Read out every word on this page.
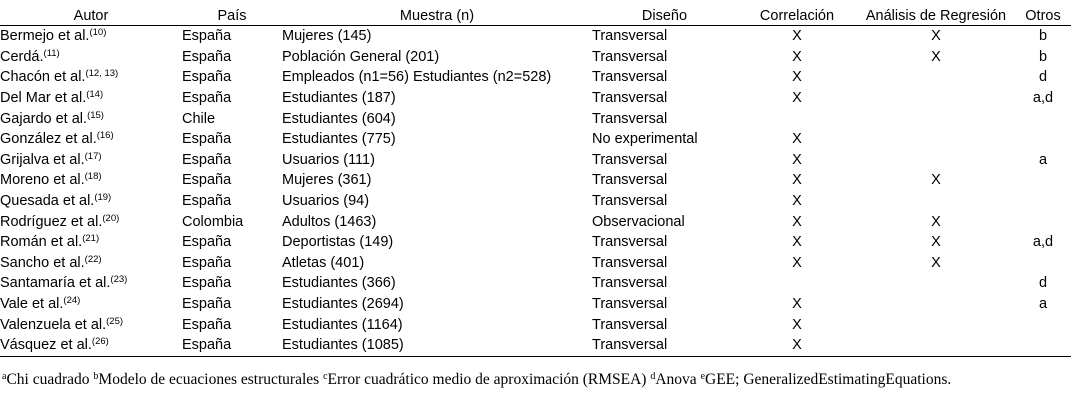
Autor	País	Muestra (n)	Diseño	Correlación	Análisis de Regresión	Otros
Bermejo et al.$^{(10)}$	España	Mujeres (145)	Transversal	X	X	b
Cerdá.$^{(11)}$	España	Población General (201)	Transversal	X	X	b
Chacón et al.$^{(12, 13)}$	España	Empleados (n1=56) Estudiantes (n2=528)	Transversal	X		d
Del Mar et al.$^{(14)}$	España	Estudiantes (187)	Transversal	X		a,d
Gajardo et al.$^{(15)}$	Chile	Estudiantes (604)	Transversal			
González et al.$^{(16)}$	España	Estudiantes (775)	No experimental	X		
Grijalva et al.$^{(17)}$	España	Usuarios (111)	Transversal	X		a
Moreno et al.$^{(18)}$	España	Mujeres (361)	Transversal	X	X	
Quesada et al.$^{(19)}$	España	Usuarios (94)	Transversal	X		
Rodríguez et al.$^{(20)}$	Colombia	Adultos (1463)	Observacional	X	X	
Román et al.$^{(21)}$	España	Deportistas (149)	Transversal	X	X	a,d
Sancho et al.$^{(22)}$	España	Atletas (401)	Transversal	X	X	
Santamaría et al.$^{(23)}$	España	Estudiantes (366)	Transversal			d
Vale et al.$^{(24)}$	España	Estudiantes (2694)	Transversal	X		a
Valenzuela et al.$^{(25)}$	España	Estudiantes (1164)	Transversal	X		
Vásquez et al.$^{(26)}$	España	Estudiantes (1085)	Transversal	X		
$^a$Chi cuadrado $^b$Modelo de ecuaciones estructurales $^c$Error cuadrático medio de aproximación (RMSEA) $^d$Anova $^e$GEE; GeneralizedEstimatingEquations.
